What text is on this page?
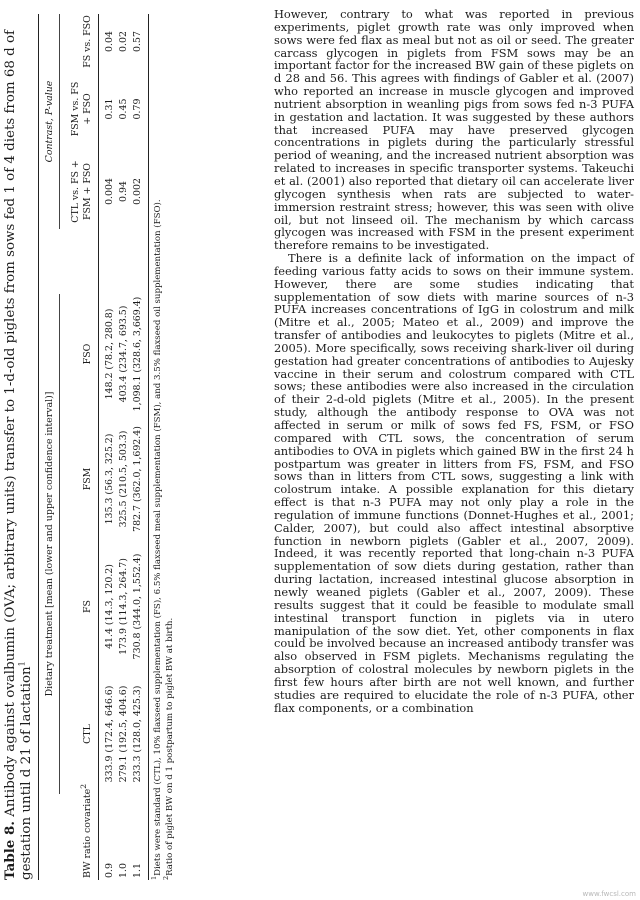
Table 8. Antibody against ovalbumin (OVA; arbitrary units) transfer to 1-d-old piglets from sows fed 1 of 4 diets from 68 d of gestation until d 21 of lactation$^1$	Dietary treatment [mean (lower and upper confidence interval)]
Contrast, P-value
BW ratio covariate$^2$
CTL
FS
FSM
FSO
CTL vs. FS + FSM + FSO
FSM vs. FS + FSO
FS vs. FSO
0.9
333.9 (172.4, 646.6)
41.4 (14.3, 120.2)
135.3 (56.3, 325.2)
148.2 (78.2, 280.8)
0.004
0.31
0.04
1.0
279.1 (192.5, 404.6)
173.9 (114.3, 264.7)
325.5 (210.5, 503.3)
403.4 (234.7, 693.5)
0.94
0.45
0.02
1.1
233.3 (128.0, 425.3)
730.8 (344.0, 1,552.4)
782.7 (362.0, 1,692.4)
1,098.1 (328.6, 3,669.4)
0.002
0.79
0.57
$^1$Diets were standard (CTL), 10% flaxseed supplementation (FS), 6.5% flaxseed meal supplementation (FSM), and 3.5% flaxseed oil supplementation (FSO).
$^2$Ratio of piglet BW on d 1 postpartum to piglet BW at birth.

However, contrary to what was reported in previous experiments, piglet growth rate was only improved when sows were fed flax as meal but not as oil or seed. The greater carcass glycogen in piglets from FSM sows may be an important factor for the increased BW gain of these piglets on d 28 and 56. This agrees with findings of Gabler et al. (2007) who reported an increase in muscle glycogen and improved nutrient absorption in weanling pigs from sows fed n-3 PUFA in gestation and lactation. It was suggested by these authors that increased PUFA may have preserved glycogen concentrations in piglets during the particularly stressful period of weaning, and the increased nutrient absorption was related to increases in specific transporter systems. Takeuchi et al. (2001) also reported that dietary oil can accelerate liver glycogen synthesis when rats are subjected to water-immersion restraint stress; however, this was seen with olive oil, but not linseed oil. The mechanism by which carcass glycogen was increased with FSM in the present experiment therefore remains to be investigated.

There is a definite lack of information on the impact of feeding various fatty acids to sows on their immune system. However, there are some studies indicating that supplementation of sow diets with marine sources of n-3 PUFA increases concentrations of IgG in colostrum and milk (Mitre et al., 2005; Mateo et al., 2009) and improve the transfer of antibodies and leukocytes to piglets (Mitre et al., 2005). More specifically, sows receiving shark-liver oil during gestation had greater concentrations of antibodies to Aujesky vaccine in their serum and colostrum compared with CTL sows; these antibodies were also increased in the circulation of their 2-d-old piglets (Mitre et al., 2005). In the present study, although the antibody response to OVA was not affected in serum or milk of sows fed FS, FSM, or FSO compared with CTL sows, the concentration of serum antibodies to OVA in piglets which gained BW in the first 24 h postpartum was greater in litters from FS, FSM, and FSO sows than in litters from CTL sows, suggesting a link with colostrum intake. A possible explanation for this dietary effect is that n-3 PUFA may not only play a role in the regulation of immune functions (Donnet-Hughes et al., 2001; Calder, 2007), but could also affect intestinal absorptive function in newborn piglets (Gabler et al., 2007, 2009). Indeed, it was recently reported that long-chain n-3 PUFA supplementation of sow diets during gestation, rather than during lactation, increased intestinal glucose absorption in newly weaned piglets (Gabler et al., 2007, 2009). These results suggest that it could be feasible to modulate small intestinal transport function in piglets via in utero manipulation of the sow diet. Yet, other components in flax could be involved because an increased antibody transfer was also observed in FSM piglets. Mechanisms regulating the absorption of colostral molecules by newborn piglets in the first few hours after birth are not well known, and further studies are required to elucidate the role of n-3 PUFA, other flax components, or a combination

www.fwcsl.com
